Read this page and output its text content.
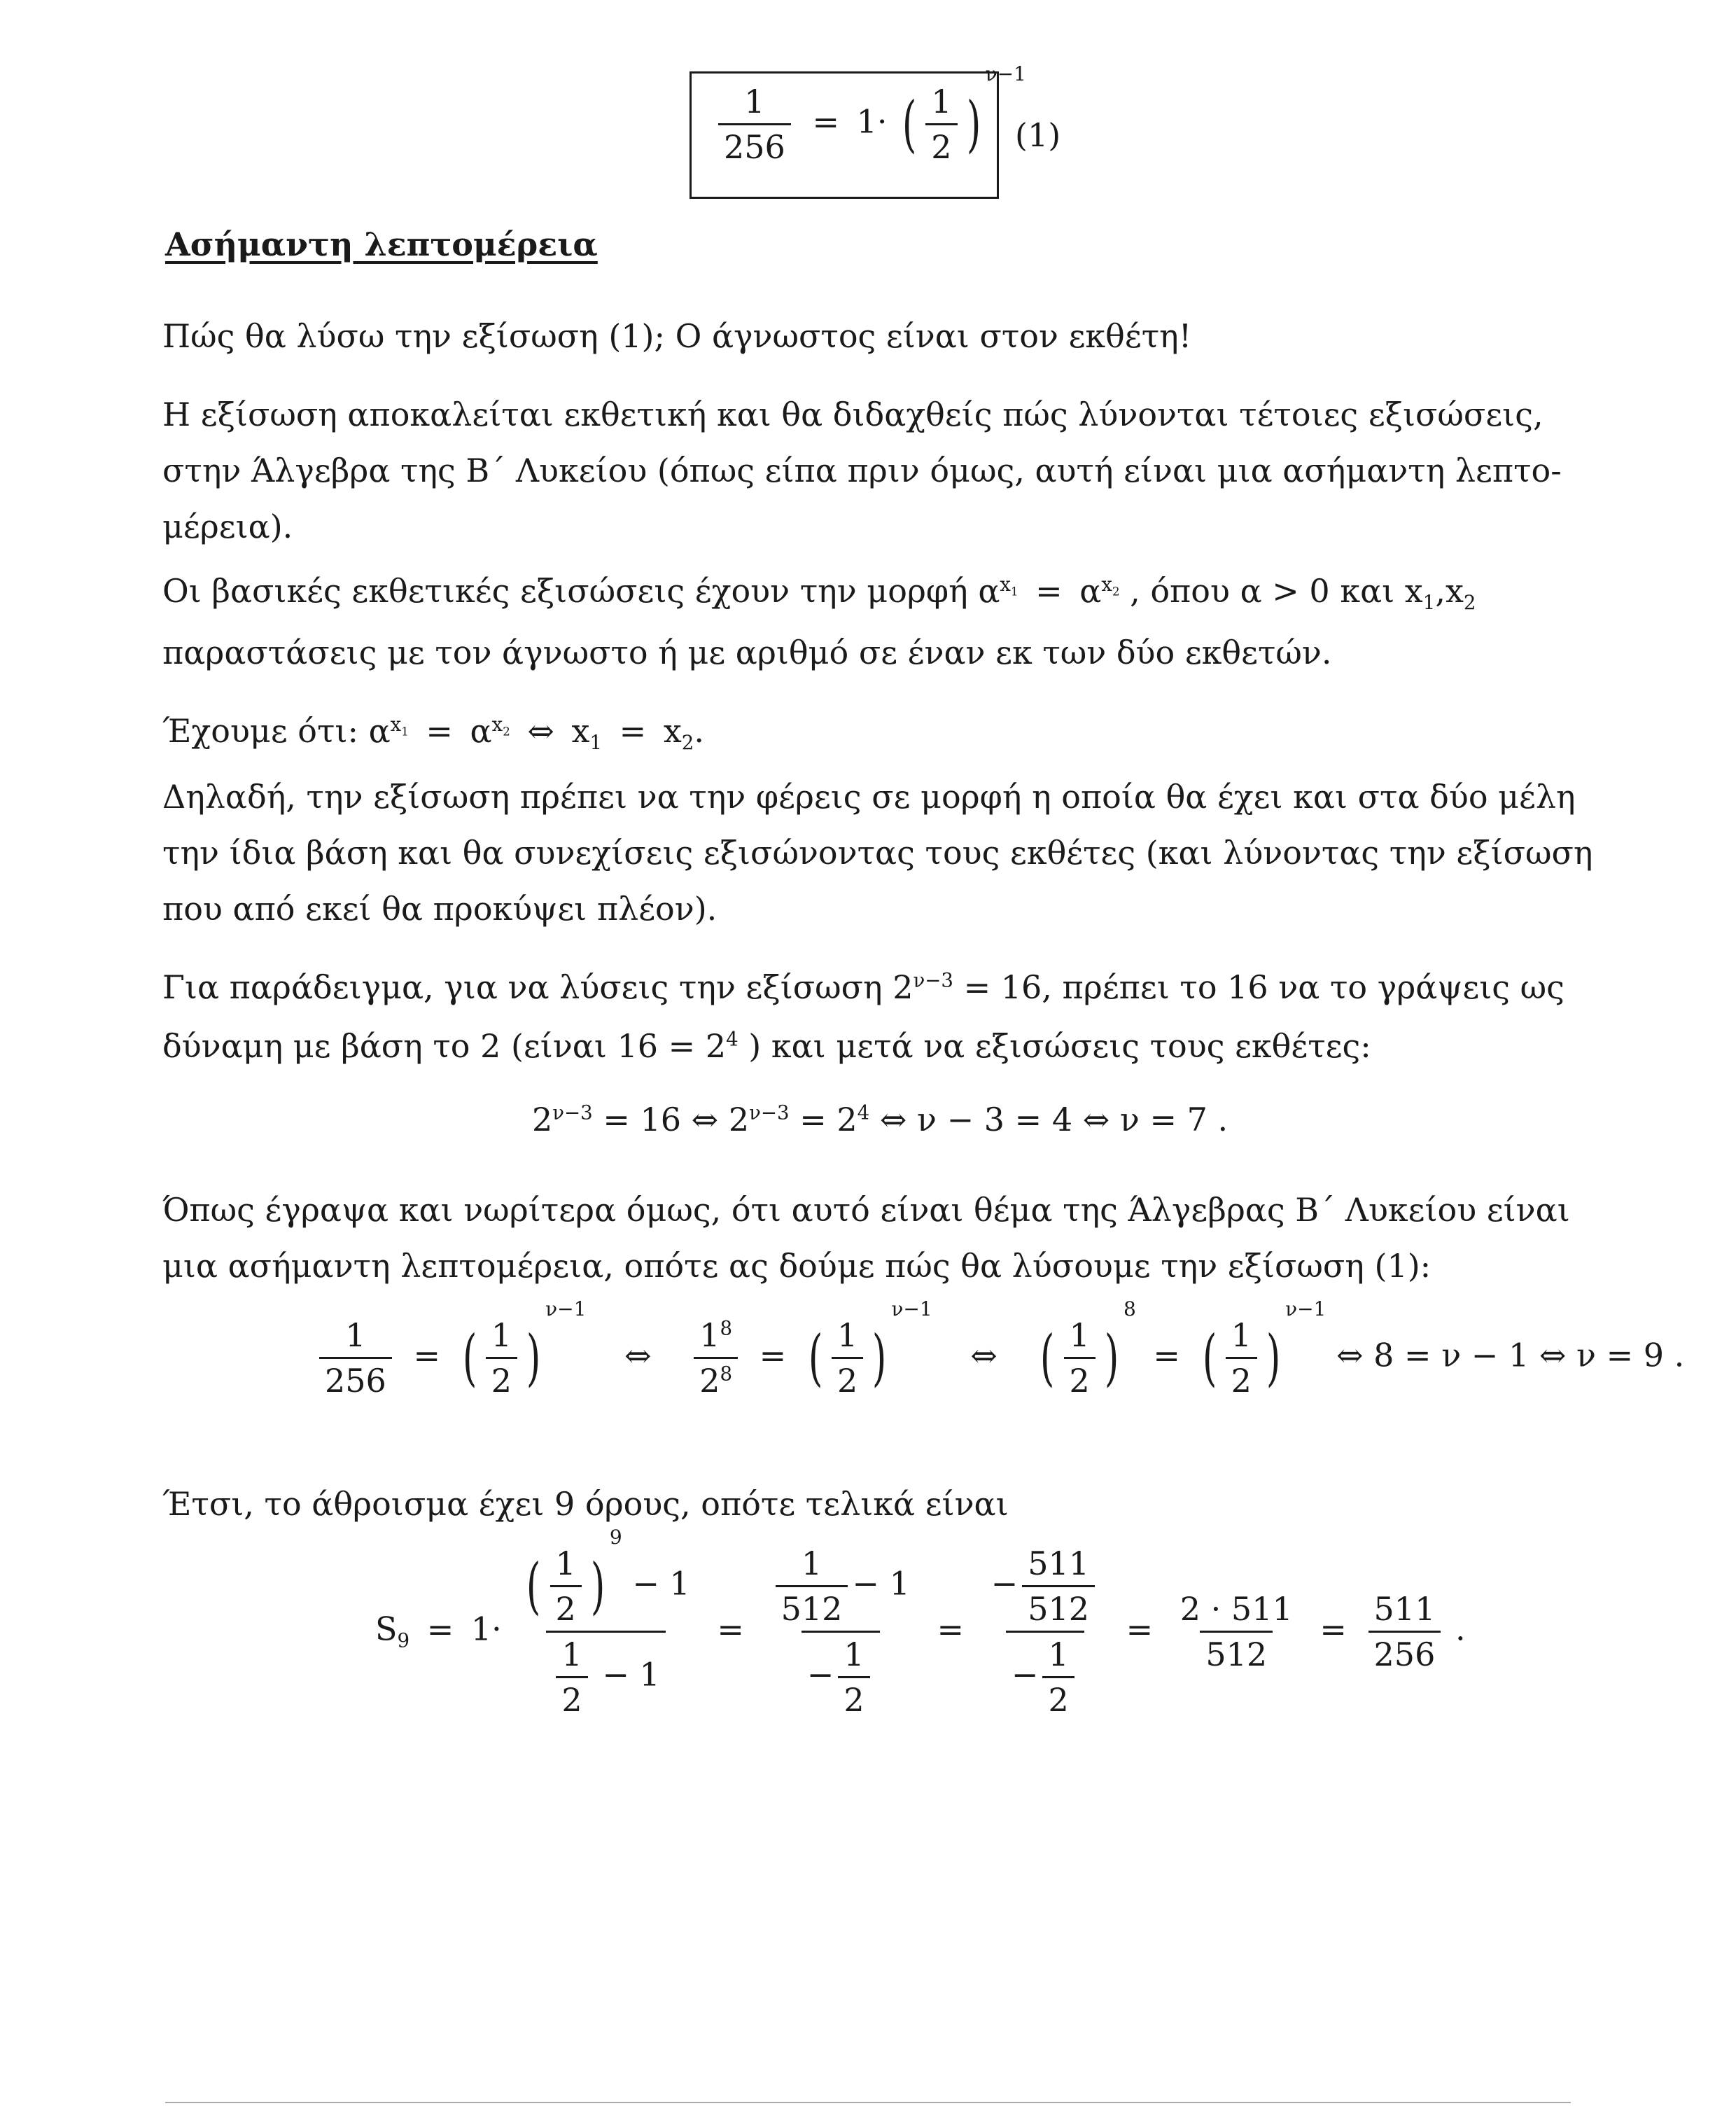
$\frac{1}{256} = 1\cdot$ ( $\frac{1}{2}$ )
$^{\nu-1}$
(1)
Ασήμαντη λεπτομέρεια
Πώς θα λύσω την εξίσωση (1); Ο άγνωστος είναι στον εκθέτη!
Η εξίσωση αποκαλείται εκθετική και θα διδαχθείς πώς λύνονται τέτοιες εξισώσεις,
στην Άλγεβρα της Β΄ Λυκείου (όπως είπα πριν όμως, αυτή είναι μια ασήμαντη λεπτο-
μέρεια).
Οι βασικές εκθετικές εξισώσεις έχουν την μορφή $\alpha^{x_1} = \alpha^{x_2}$ , όπου α > 0 και $x_1,x_2$
παραστάσεις με τον άγνωστο ή με αριθμό σε έναν εκ των δύο εκθετών.
Έχουμε ότι: $\alpha^{x_1} = \alpha^{x_2}$ ⇔ $x_1 = x_2$.
Δηλαδή, την εξίσωση πρέπει να την φέρεις σε μορφή η οποία θα έχει και στα δύο μέλη
την ίδια βάση και θα συνεχίσεις εξισώνοντας τους εκθέτες (και λύνοντας την εξίσωση
που από εκεί θα προκύψει πλέον).
Για παράδειγμα, για να λύσεις την εξίσωση $2^{\nu-3} = 16$, πρέπει το 16 να το γράψεις ως
δύναμη με βάση το 2 (είναι $16 = 2^4$ ) και μετά να εξισώσεις τους εκθέτες:
$2^{\nu-3} = 16$ ⇔ $2^{\nu-3} = 2^4$ ⇔ ν − 3 = 4 ⇔ ν = 7 .
Όπως έγραψα και νωρίτερα όμως, ότι αυτό είναι θέμα της Άλγεβρας Β΄ Λυκείου είναι
μια ασήμαντη λεπτομέρεια, οπότε ας δούμε πώς θα λύσουμε την εξίσωση (1):
$\frac{1}{256}$ = ( $\frac{1}{2}$ )
$^{\nu-1}$ ⇔ $\frac{1^8}{2^8}$ = ( $\frac{1}{2}$ )
$^{\nu-1}$ ⇔ ( $\frac{1}{2}$ )
$^8$ = ( $\frac{1}{2}$ )
$^{\nu-1}$ ⇔ 8 = ν − 1 ⇔ ν = 9 .
Έτσι, το άθροισμα έχει 9 όρους, οπότε τελικά είναι
$S_9 = 1\cdot$ ( $\frac{1}{2}$ )
$^9$ − 1
$\frac{1}{2} - 1 = \frac{\frac{1}{512} - 1}{- \frac{1}{2}} = \frac{- \frac{511}{512}}{- \frac{1}{2}} = \frac{2 \cdot 511}{512} = \frac{511}{256}$ .
